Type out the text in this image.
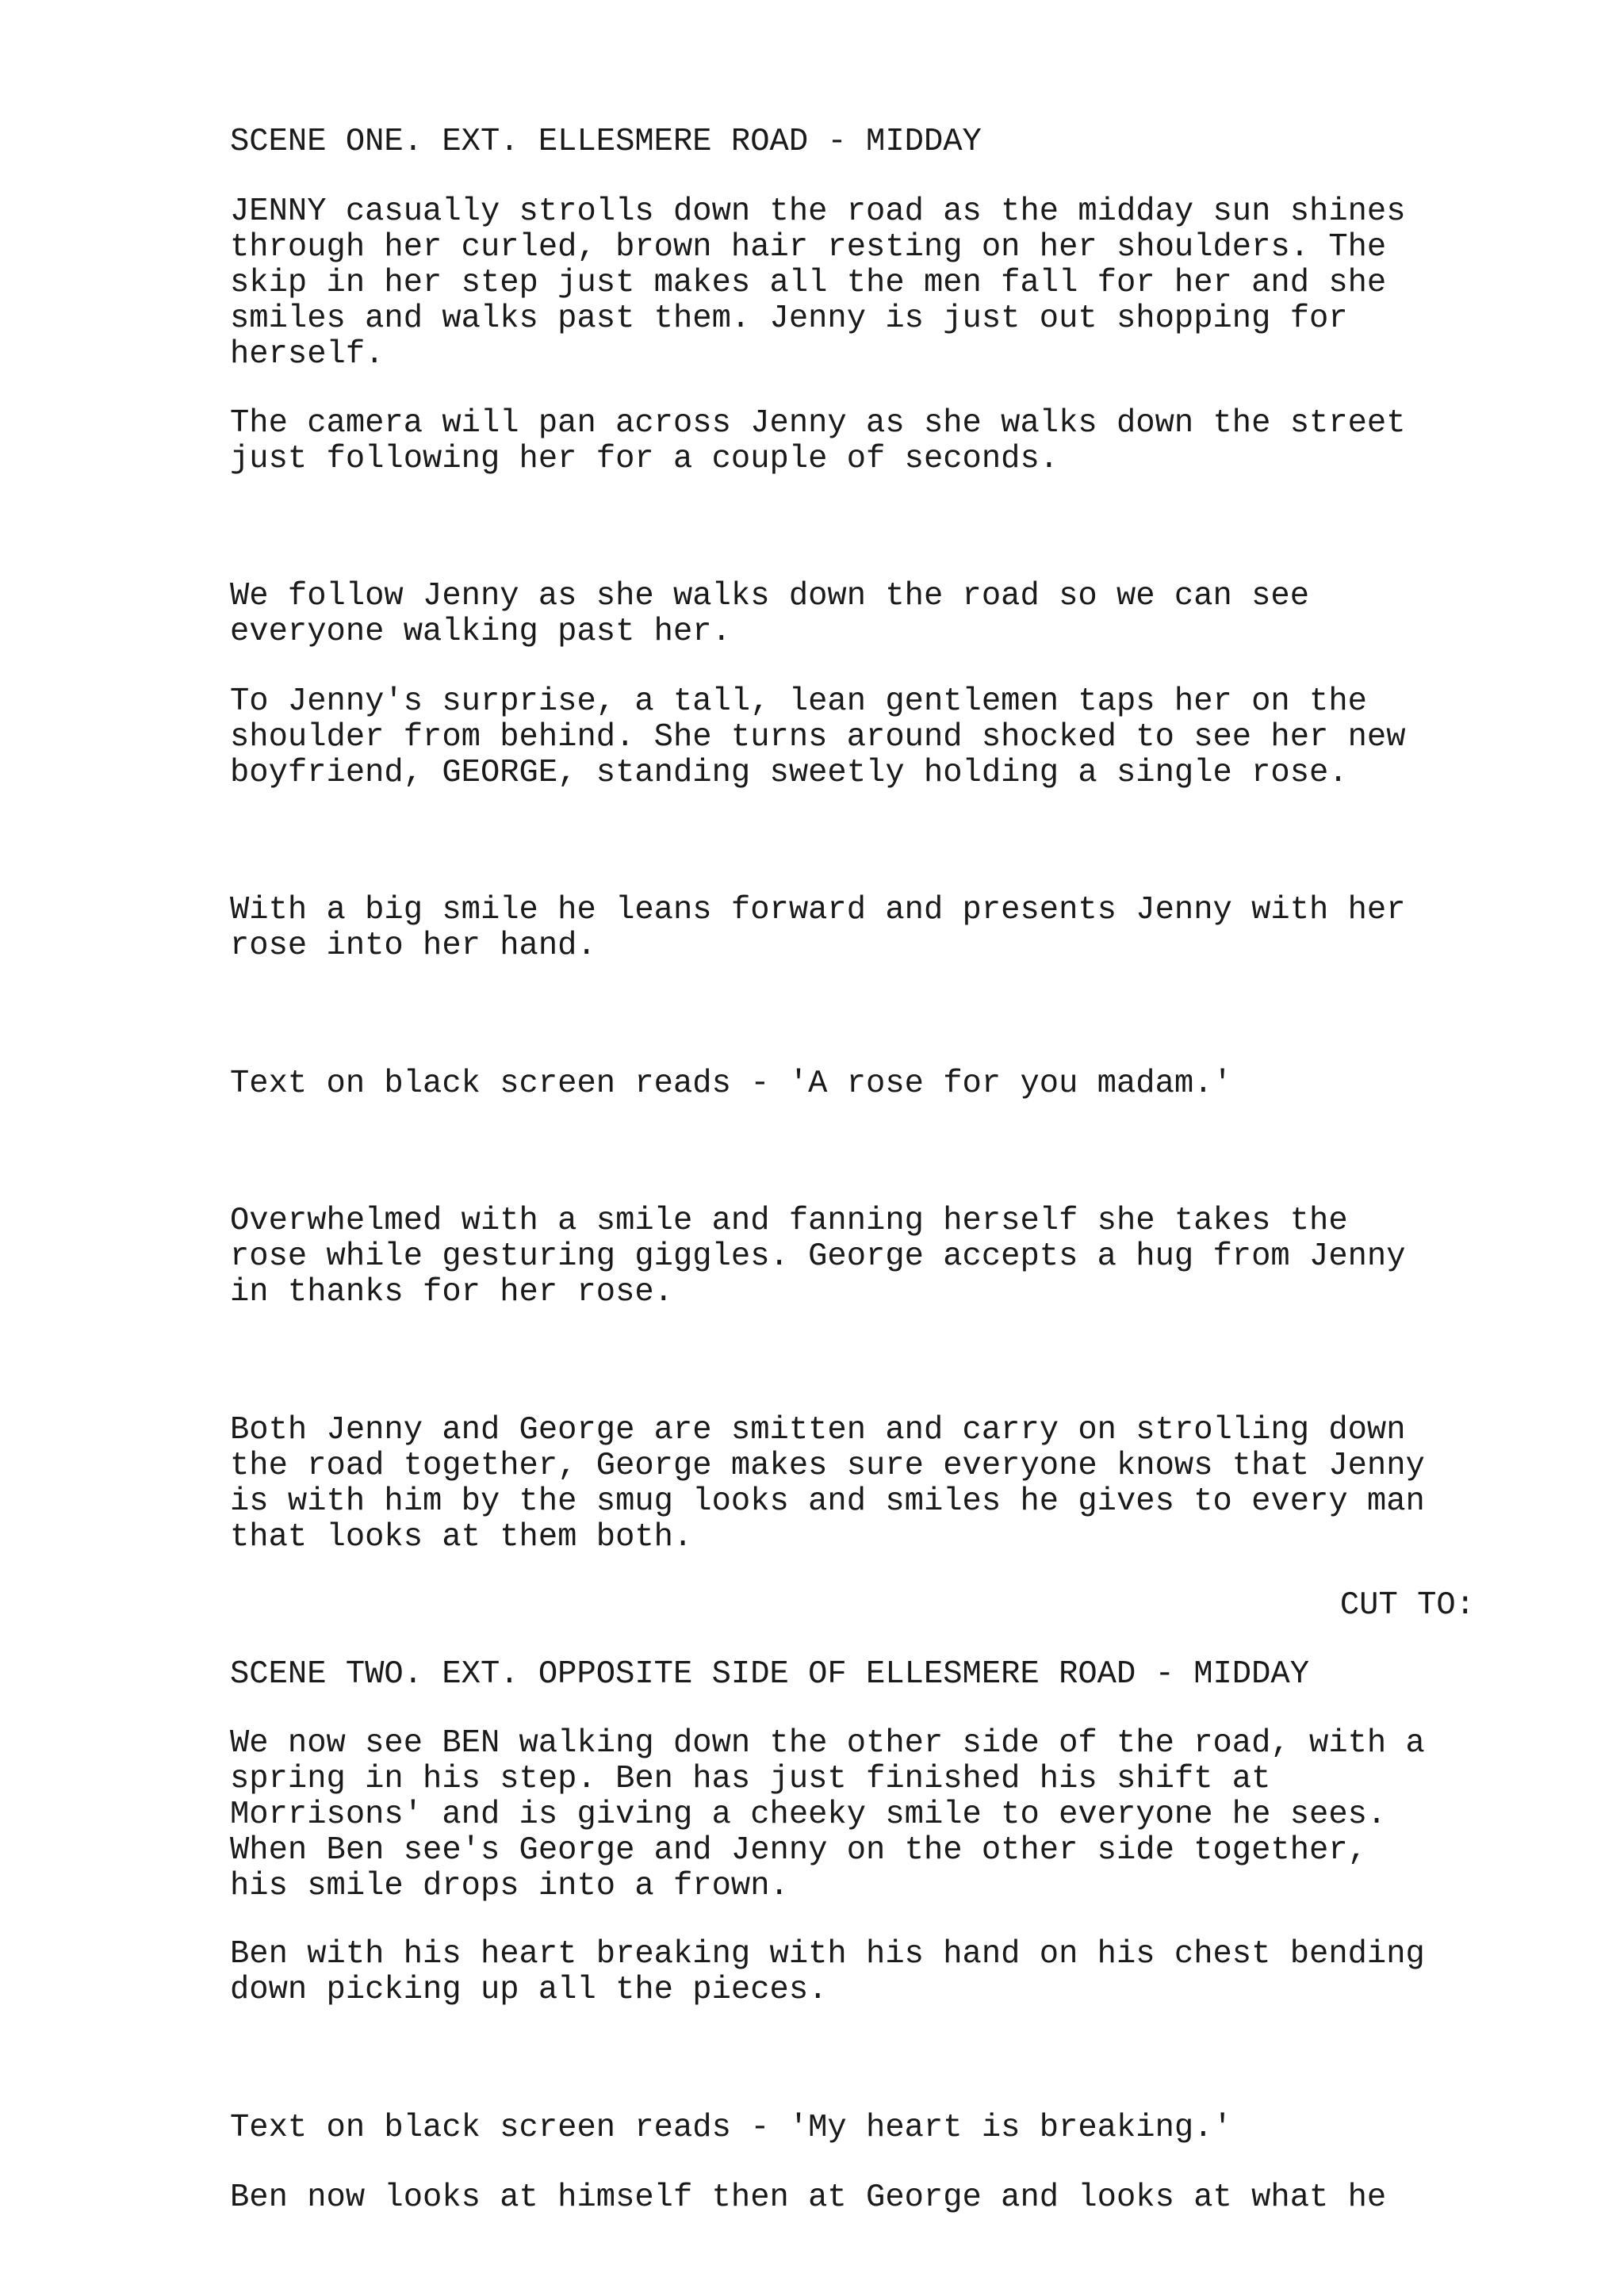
SCENE ONE. EXT. ELLESMERE ROAD - MIDDAY

JENNY casually strolls down the road as the midday sun shines

through her curled, brown hair resting on her shoulders. The

skip in her step just makes all the men fall for her and she

smiles and walks past them. Jenny is just out shopping for

herself.

The camera will pan across Jenny as she walks down the street

just following her for a couple of seconds.

We follow Jenny as she walks down the road so we can see

everyone walking past her.

To Jenny's surprise, a tall, lean gentlemen taps her on the

shoulder from behind. She turns around shocked to see her new

boyfriend, GEORGE, standing sweetly holding a single rose.

With a big smile he leans forward and presents Jenny with her

rose into her hand.

Text on black screen reads - 'A rose for you madam.'

Overwhelmed with a smile and fanning herself she takes the

rose while gesturing giggles. George accepts a hug from Jenny

in thanks for her rose.

Both Jenny and George are smitten and carry on strolling down

the road together, George makes sure everyone knows that Jenny

is with him by the smug looks and smiles he gives to every man

that looks at them both.

CUT TO:

SCENE TWO. EXT. OPPOSITE SIDE OF ELLESMERE ROAD - MIDDAY

We now see BEN walking down the other side of the road, with a

spring in his step. Ben has just finished his shift at

Morrisons' and is giving a cheeky smile to everyone he sees.

When Ben see's George and Jenny on the other side together,

his smile drops into a frown.

Ben with his heart breaking with his hand on his chest bending

down picking up all the pieces.

Text on black screen reads - 'My heart is breaking.'

Ben now looks at himself then at George and looks at what he
